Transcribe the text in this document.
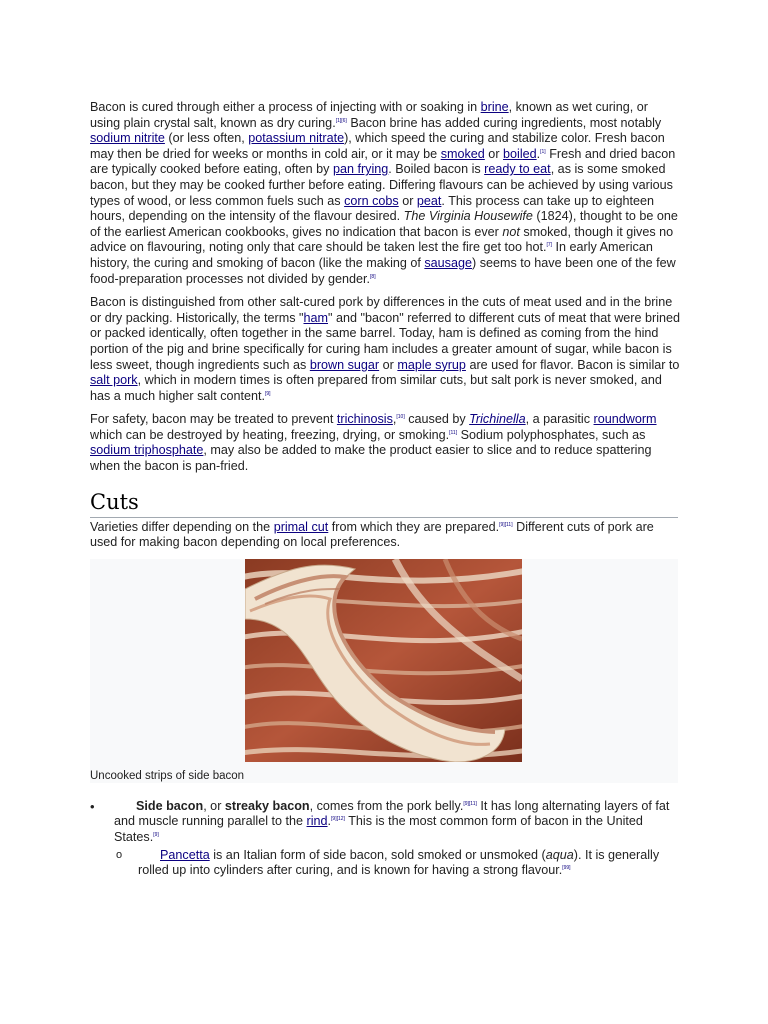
Bacon is cured through either a process of injecting with or soaking in brine, known as wet curing, or using plain crystal salt, known as dry curing.[1][6] Bacon brine has added curing ingredients, most notably sodium nitrite (or less often, potassium nitrate), which speed the curing and stabilize color. Fresh bacon may then be dried for weeks or months in cold air, or it may be smoked or boiled.[1] Fresh and dried bacon are typically cooked before eating, often by pan frying. Boiled bacon is ready to eat, as is some smoked bacon, but they may be cooked further before eating. Differing flavours can be achieved by using various types of wood, or less common fuels such as corn cobs or peat. This process can take up to eighteen hours, depending on the intensity of the flavour desired. The Virginia Housewife (1824), thought to be one of the earliest American cookbooks, gives no indication that bacon is ever not smoked, though it gives no advice on flavouring, noting only that care should be taken lest the fire get too hot.[7] In early American history, the curing and smoking of bacon (like the making of sausage) seems to have been one of the few food-preparation processes not divided by gender.[8]

Bacon is distinguished from other salt-cured pork by differences in the cuts of meat used and in the brine or dry packing. Historically, the terms "ham" and "bacon" referred to different cuts of meat that were brined or packed identically, often together in the same barrel. Today, ham is defined as coming from the hind portion of the pig and brine specifically for curing ham includes a greater amount of sugar, while bacon is less sweet, though ingredients such as brown sugar or maple syrup are used for flavor. Bacon is similar to salt pork, which in modern times is often prepared from similar cuts, but salt pork is never smoked, and has a much higher salt content.[9]

For safety, bacon may be treated to prevent trichinosis,[10] caused by Trichinella, a parasitic roundworm which can be destroyed by heating, freezing, drying, or smoking.[11] Sodium polyphosphates, such as sodium triphosphate, may also be added to make the product easier to slice and to reduce spattering when the bacon is pan-fried.

Cuts

Varieties differ depending on the primal cut from which they are prepared.[9][11] Different cuts of pork are used for making bacon depending on local preferences.

Uncooked strips of side bacon
•	Side bacon, or streaky bacon, comes from the pork belly.[9][11] It has long alternating layers of fat and muscle running parallel to the rind.[9][12] This is the most common form of bacon in the United States.[9]
o	Pancetta is an Italian form of side bacon, sold smoked or unsmoked (aqua). It is generally rolled up into cylinders after curing, and is known for having a strong flavour.[99]
